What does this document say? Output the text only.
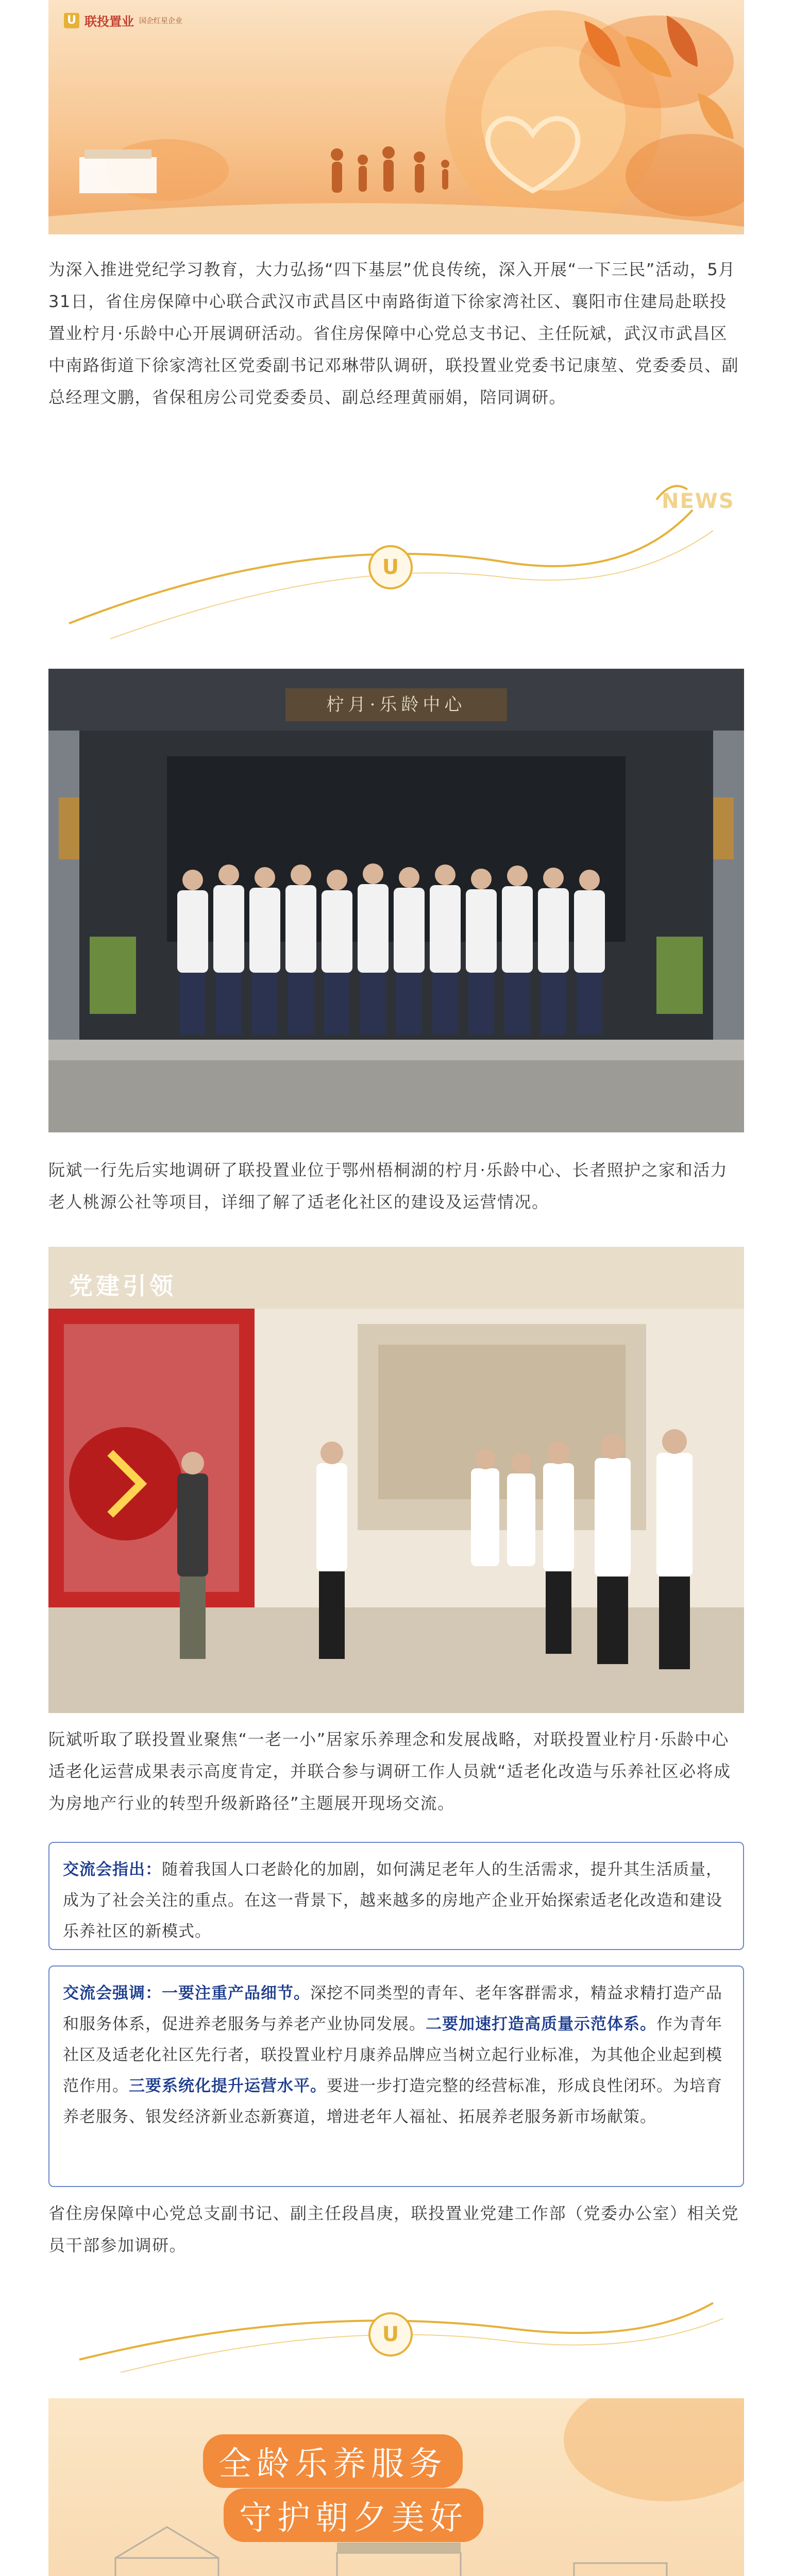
U 联投置业 国企红星企业
为深入推进党纪学习教育，大力弘扬“四下基层”优良传统，深入开展“一下三民”活动，5月31日，省住房保障中心联合武汉市武昌区中南路街道下徐家湾社区、襄阳市住建局赴联投置业柠月·乐龄中心开展调研活动。省住房保障中心党总支书记、主任阮斌，武汉市武昌区中南路街道下徐家湾社区党委副书记邓琳带队调研，联投置业党委书记康堃、党委委员、副总经理文鹏，省保租房公司党委委员、副总经理黄丽娟，陪同调研。
NEWS
U
柠月·乐龄中心
阮斌一行先后实地调研了联投置业位于鄂州梧桐湖的柠月·乐龄中心、长者照护之家和活力老人桃源公社等项目，详细了解了适老化社区的建设及运营情况。
党建引领
阮斌听取了联投置业聚焦“一老一小”居家乐养理念和发展战略，对联投置业柠月·乐龄中心适老化运营成果表示高度肯定，并联合参与调研工作人员就“适老化改造与乐养社区必将成为房地产行业的转型升级新路径”主题展开现场交流。
交流会指出：随着我国人口老龄化的加剧，如何满足老年人的生活需求，提升其生活质量，成为了社会关注的重点。在这一背景下，越来越多的房地产企业开始探索适老化改造和建设乐养社区的新模式。
交流会强调：一要注重产品细节。深挖不同类型的青年、老年客群需求，精益求精打造产品和服务体系，促进养老服务与养老产业协同发展。二要加速打造高质量示范体系。作为青年社区及适老化社区先行者，联投置业柠月康养品牌应当树立起行业标准，为其他企业起到模范作用。三要系统化提升运营水平。要进一步打造完整的经营标准，形成良性闭环。为培育养老服务、银发经济新业态新赛道，增进老年人福祉、拓展养老服务新市场献策。
省住房保障中心党总支副书记、副主任段昌庚，联投置业党建工作部（党委办公室）相关党员干部参加调研。
U
全龄乐养服务
守护朝夕美好
